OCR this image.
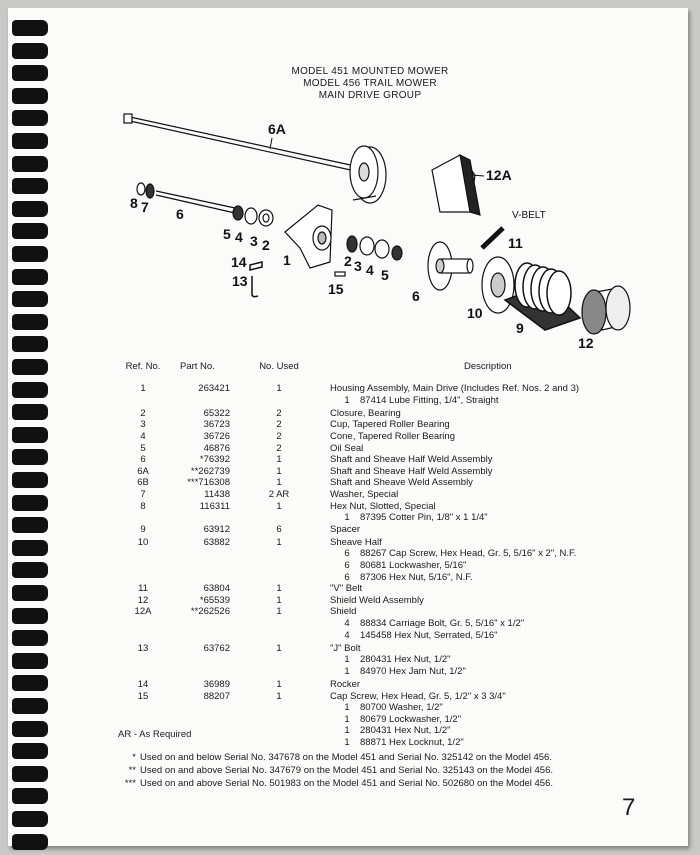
MODEL 451 MOUNTED MOWER
MODEL 456 TRAIL MOWER
MAIN DRIVE GROUP
6A
12A
8 7 6
5 4 3 2
1
11
V-BELT
14
13	15
2 3 4 5
6
10
9
12
Ref. No. Part No.	No. Used	Description
1	263421	1	Housing Assembly, Main Drive (Includes Ref. Nos. 2 and 3)
1	87414 Lube Fitting, 1/4", Straight
2	65322	2	Closure, Bearing
3	36723	2	Cup, Tapered Roller Bearing
4	36726	2	Cone, Tapered Roller Bearing
5	46876	2	Oil Seal
6	*76392	1	Shaft and Sheave Half Weld Assembly
6A	**262739	1	Shaft and Sheave Half Weld Assembly
6B	***716308	1	Shaft and Sheave Weld Assembly
7	11438	2 AR	Washer, Special
8	116311	1	Hex Nut, Slotted, Special
1	87395 Cotter Pin, 1/8" x 1 1/4"
9	63912	6	Spacer
10	63882	1	Sheave Half
6	88267 Cap Screw, Hex Head, Gr. 5, 5/16" x 2", N.F.
6	80681 Lockwasher, 5/16"
6	87306 Hex Nut, 5/16", N.F.
11	63804	1	"V" Belt
12	*65539	1	Shield Weld Assembly
12A	**262526	1	Shield
4	88834 Carriage Bolt, Gr. 5, 5/16" x 1/2"
4	145458 Hex Nut, Serrated, 5/16"
13	63762	1	"J" Bolt
1	280431 Hex Nut, 1/2"
1	84970 Hex Jam Nut, 1/2"
14	36989	1	Rocker
15	88207	1	Cap Screw, Hex Head, Gr. 5, 1/2" x 3 3/4"
1	80700 Washer, 1/2"
1	80679 Lockwasher, 1/2"
1	280431 Hex Nut, 1/2"
1	88871 Hex Locknut, 1/2"
AR - As Required
* Used on and below Serial No. 347678 on the Model 451 and Serial No. 325142 on the Model 456.
** Used on and above Serial No. 347679 on the Model 451 and Serial No. 325143 on the Model 456.
*** Used on and above Serial No. 501983 on the Model 451 and Serial No. 502680 on the Model 456.
7
